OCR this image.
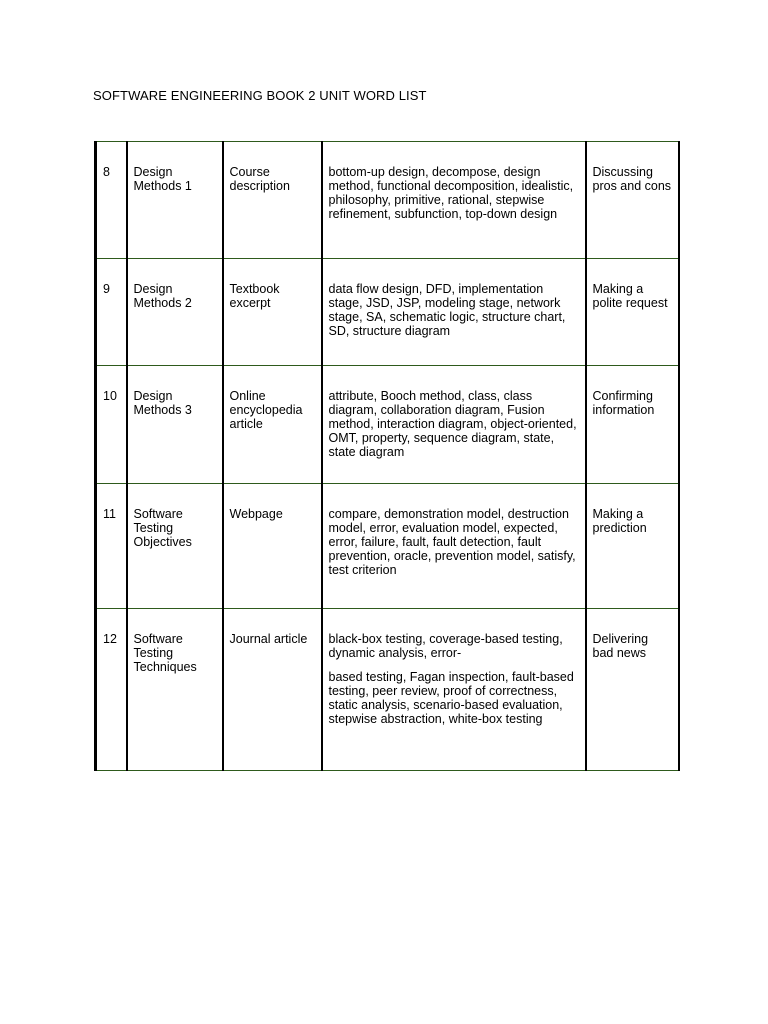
SOFTWARE ENGINEERING BOOK 2 UNIT WORD LIST
8	Design Methods 1	Course description	bottom-up design, decompose, design method, functional decomposition, idealistic, philosophy, primitive, rational, stepwise refinement, subfunction, top-down design	Discussing pros and cons

9	Design Methods 2	Textbook excerpt	data flow design, DFD, implementation stage, JSD, JSP, modeling stage, network stage, SA, schematic logic, structure chart, SD, structure diagram	Making a polite request

10	Design Methods 3	Online encyclopedia article	attribute, Booch method, class, class diagram, collaboration diagram, Fusion method, interaction diagram, object-oriented, OMT, property, sequence diagram, state, state diagram	Confirming information

11	Software Testing Objectives	Webpage	compare, demonstration model, destruction model, error, evaluation model, expected, error, failure, fault, fault detection, fault prevention, oracle, prevention model, satisfy, test criterion	Making a prediction

12	Software Testing Techniques	Journal article	black-box testing, coverage-based testing, dynamic analysis, error-
based testing, Fagan inspection, fault-based testing, peer review, proof of correctness, static analysis, scenario-based evaluation, stepwise abstraction, white-box testing	Delivering bad news
